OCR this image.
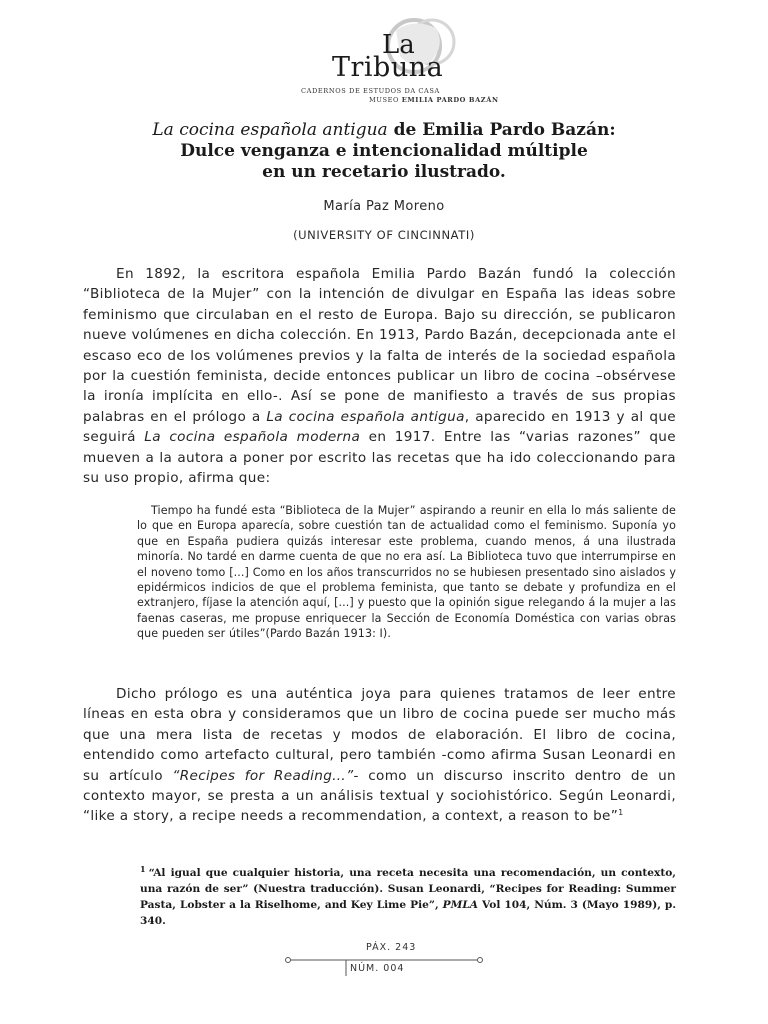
La
Tribuna
CADERNOS DE ESTUDOS DA CASA
MUSEO EMILIA PARDO BAZÁN
La cocina española antigua de Emilia Pardo Bazán:
Dulce venganza e intencionalidad múltiple
en un recetario ilustrado.
María Paz Moreno
(UNIVERSITY OF CINCINNATI)

En 1892, la escritora española Emilia Pardo Bazán fundó la colección “Biblioteca de la Mujer” con la intención de divulgar en España las ideas sobre feminismo que circulaban en el resto de Europa. Bajo su dirección, se publicaron nueve volúmenes en dicha colección. En 1913, Pardo Bazán, decepcionada ante el escaso eco de los volúmenes previos y la falta de interés de la sociedad española por la cuestión feminista, decide entonces publicar un libro de cocina –obsérvese la ironía implícita en ello-. Así se pone de manifiesto a través de sus propias palabras en el prólogo a La cocina española antigua, aparecido en 1913 y al que seguirá La cocina española moderna en 1917. Entre las “varias razones” que mueven a la autora a poner por escrito las recetas que ha ido coleccionando para su uso propio, afirma que:

Tiempo ha fundé esta “Biblioteca de la Mujer” aspirando a reunir en ella lo más saliente de lo que en Europa aparecía, sobre cuestión tan de actualidad como el feminismo. Suponía yo que en España pudiera quizás interesar este problema, cuando menos, á una ilustrada minoría. No tardé en darme cuenta de que no era así. La Biblioteca tuvo que interrumpirse en el noveno tomo [...] Como en los años transcurridos no se hubiesen presentado sino aislados y epidérmicos indicios de que el problema feminista, que tanto se debate y profundiza en el extranjero, fíjase la atención aquí, [...] y puesto que la opinión sigue relegando á la mujer a las faenas caseras, me propuse enriquecer la Sección de Economía Doméstica con varias obras que pueden ser útiles”(Pardo Bazán 1913: I).

Dicho prólogo es una auténtica joya para quienes tratamos de leer entre líneas en esta obra y consideramos que un libro de cocina puede ser mucho más que una mera lista de recetas y modos de elaboración. El libro de cocina, entendido como artefacto cultural, pero también -como afirma Susan Leonardi en su artículo “Recipes for Reading…”- como un discurso inscrito dentro de un contexto mayor, se presta a un análisis textual y sociohistórico. Según Leonardi, “like a story, a recipe needs a recommendation, a context, a reason to be”$^1$

$^1$ “Al igual que cualquier historia, una receta necesita una recomendación, un contexto, una razón de ser” (Nuestra traducción). Susan Leonardi, “Recipes for Reading: Summer Pasta, Lobster a la Riselhome, and Key Lime Pie”, PMLA Vol 104, Núm. 3 (Mayo 1989), p. 340.

PÁX. 243
NÚM. 004
